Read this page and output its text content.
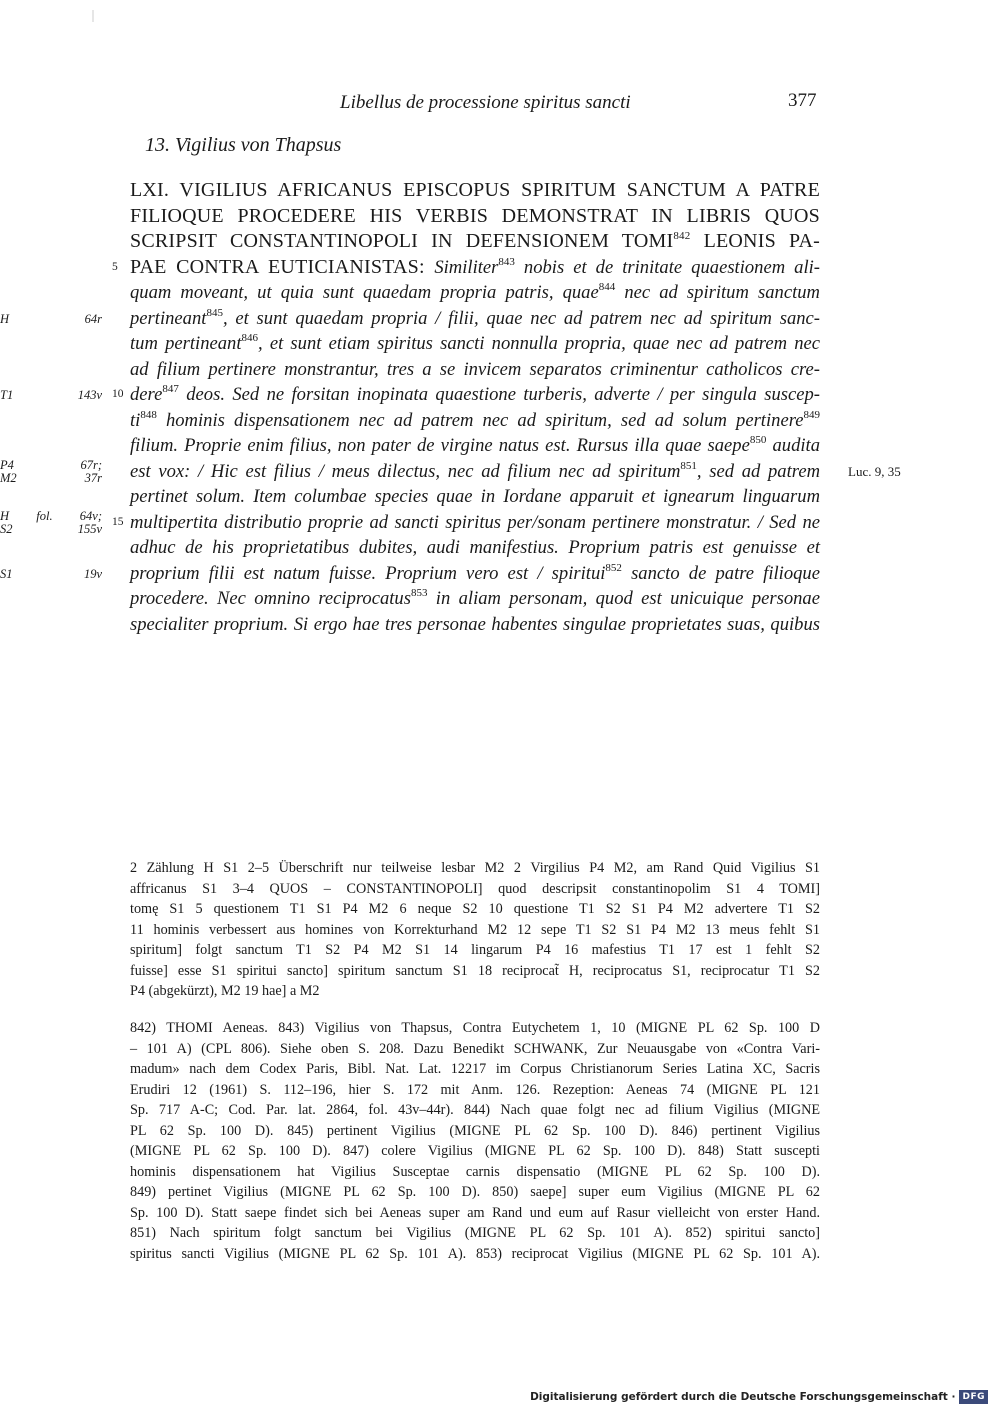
Libellus de processione spiritus sancti	377
13. Vigilius von Thapsus
LXI. VIGILIUS AFRICANUS EPISCOPUS SPIRITUM SANCTUM A PATRE
FILIOQUE PROCEDERE HIS VERBIS DEMONSTRAT IN LIBRIS QUOS
SCRIPSIT CONSTANTINOPOLI IN DEFENSIONEM TOMI$^{842}$ LEONIS PA-
5 PAE CONTRA EUTICIANISTAS: Similiter$^{843}$ nobis et de trinitate quaestionem ali-
quam moveant, ut quia sunt quaedam propria patris, quae$^{844}$ nec ad spiritum sanctum
H 64r pertineant$^{845}$, et sunt quaedam propria / filii, quae nec ad patrem nec ad spiritum sanc-
tum pertineant$^{846}$, et sunt etiam spiritus sancti nonnulla propria, quae nec ad patrem nec
ad filium pertinere monstrantur, tres a se invicem separatos criminentur catholicos cre-
T1 143v 10 dere$^{847}$ deos. Sed ne forsitan inopinata quaestione turberis, adverte / per singula suscep-
$ti^{848}$ hominis dispensationem nec ad patrem nec ad spiritum, sed ad solum pertinere$^{849}$
filium. Proprie enim filius, non pater de virgine natus est. Rursus illa quae saepe$^{850}$ audita
P4 67r;
M2 37r est vox: / Hic est filius / meus dilectus, nec ad filium nec ad spiritum$^{851}$, sed ad patrem Luc. 9, 35
pertinet solum. Item columbae species quae in Iordane apparuit et ignearum linguarum
H fol. 64v;
S2 155v 15 multipertita distributio proprie ad sancti spiritus per/sonam pertinere monstratur. / Sed ne
adhuc de his proprietatibus dubites, audi manifestius. Proprium patris est genuisse et
S1 19v proprium filii est natum fuisse. Proprium vero est / spiritui$^{852}$ sancto de patre filioque
procedere. Nec omnino reciprocatus$^{853}$ in aliam personam, quod est unicuique personae
specialiter proprium. Si ergo hae tres personae habentes singulae proprietates suas, quibus
2 Zählung H S1 2–5 Überschrift nur teilweise lesbar M2 2 Virgilius P4 M2, am Rand Quid Vigilius S1
affricanus S1 3–4 QUOS – CONSTANTINOPOLI] quod descripsit constantinopolim S1 4 TOMI]
tomę S1 5 questionem T1 S1 P4 M2 6 neque S2 10 questione T1 S2 S1 P4 M2 advertere T1 S2
11 hominis verbessert aus homines von Korrekturhand M2 12 sepe T1 S2 S1 P4 M2 13 meus fehlt S1
spiritum] folgt sanctum T1 S2 P4 M2 S1 14 lingarum P4 16 mafestius T1 17 est 1 fehlt S2
fuisse] esse S1 spiritui sancto] spiritum sanctum S1 18 reciprocat̃ H, reciprocatus S1, reciprocatur T1 S2
P4 (abgekürzt), M2 19 hae] a M2
842) THOMI Aeneas. 843) Vigilius von Thapsus, Contra Eutychetem 1, 10 (MIGNE PL 62 Sp. 100 D
– 101 A) (CPL 806). Siehe oben S. 208. Dazu Benedikt SCHWANK, Zur Neuausgabe von «Contra Vari-
madum» nach dem Codex Paris, Bibl. Nat. Lat. 12217 im Corpus Christianorum Series Latina XC, Sacris
Erudiri 12 (1961) S. 112–196, hier S. 172 mit Anm. 126. Rezeption: Aeneas 74 (MIGNE PL 121
Sp. 717 A-C; Cod. Par. lat. 2864, fol. 43v–44r). 844) Nach quae folgt nec ad filium Vigilius (MIGNE
PL 62 Sp. 100 D). 845) pertinent Vigilius (MIGNE PL 62 Sp. 100 D). 846) pertinent Vigilius
(MIGNE PL 62 Sp. 100 D). 847) colere Vigilius (MIGNE PL 62 Sp. 100 D). 848) Statt suscepti
hominis dispensationem hat Vigilius Susceptae carnis dispensatio (MIGNE PL 62 Sp. 100 D).
849) pertinet Vigilius (MIGNE PL 62 Sp. 100 D). 850) saepe] super eum Vigilius (MIGNE PL 62
Sp. 100 D). Statt saepe findet sich bei Aeneas super am Rand und eum auf Rasur vielleicht von erster Hand.
851) Nach spiritum folgt sanctum bei Vigilius (MIGNE PL 62 Sp. 101 A). 852) spiritui sancto]
spiritus sancti Vigilius (MIGNE PL 62 Sp. 101 A). 853) reciprocat Vigilius (MIGNE PL 62 Sp. 101 A).
Digitalisierung gefördert durch die Deutsche Forschungsgemeinschaft · DFG
